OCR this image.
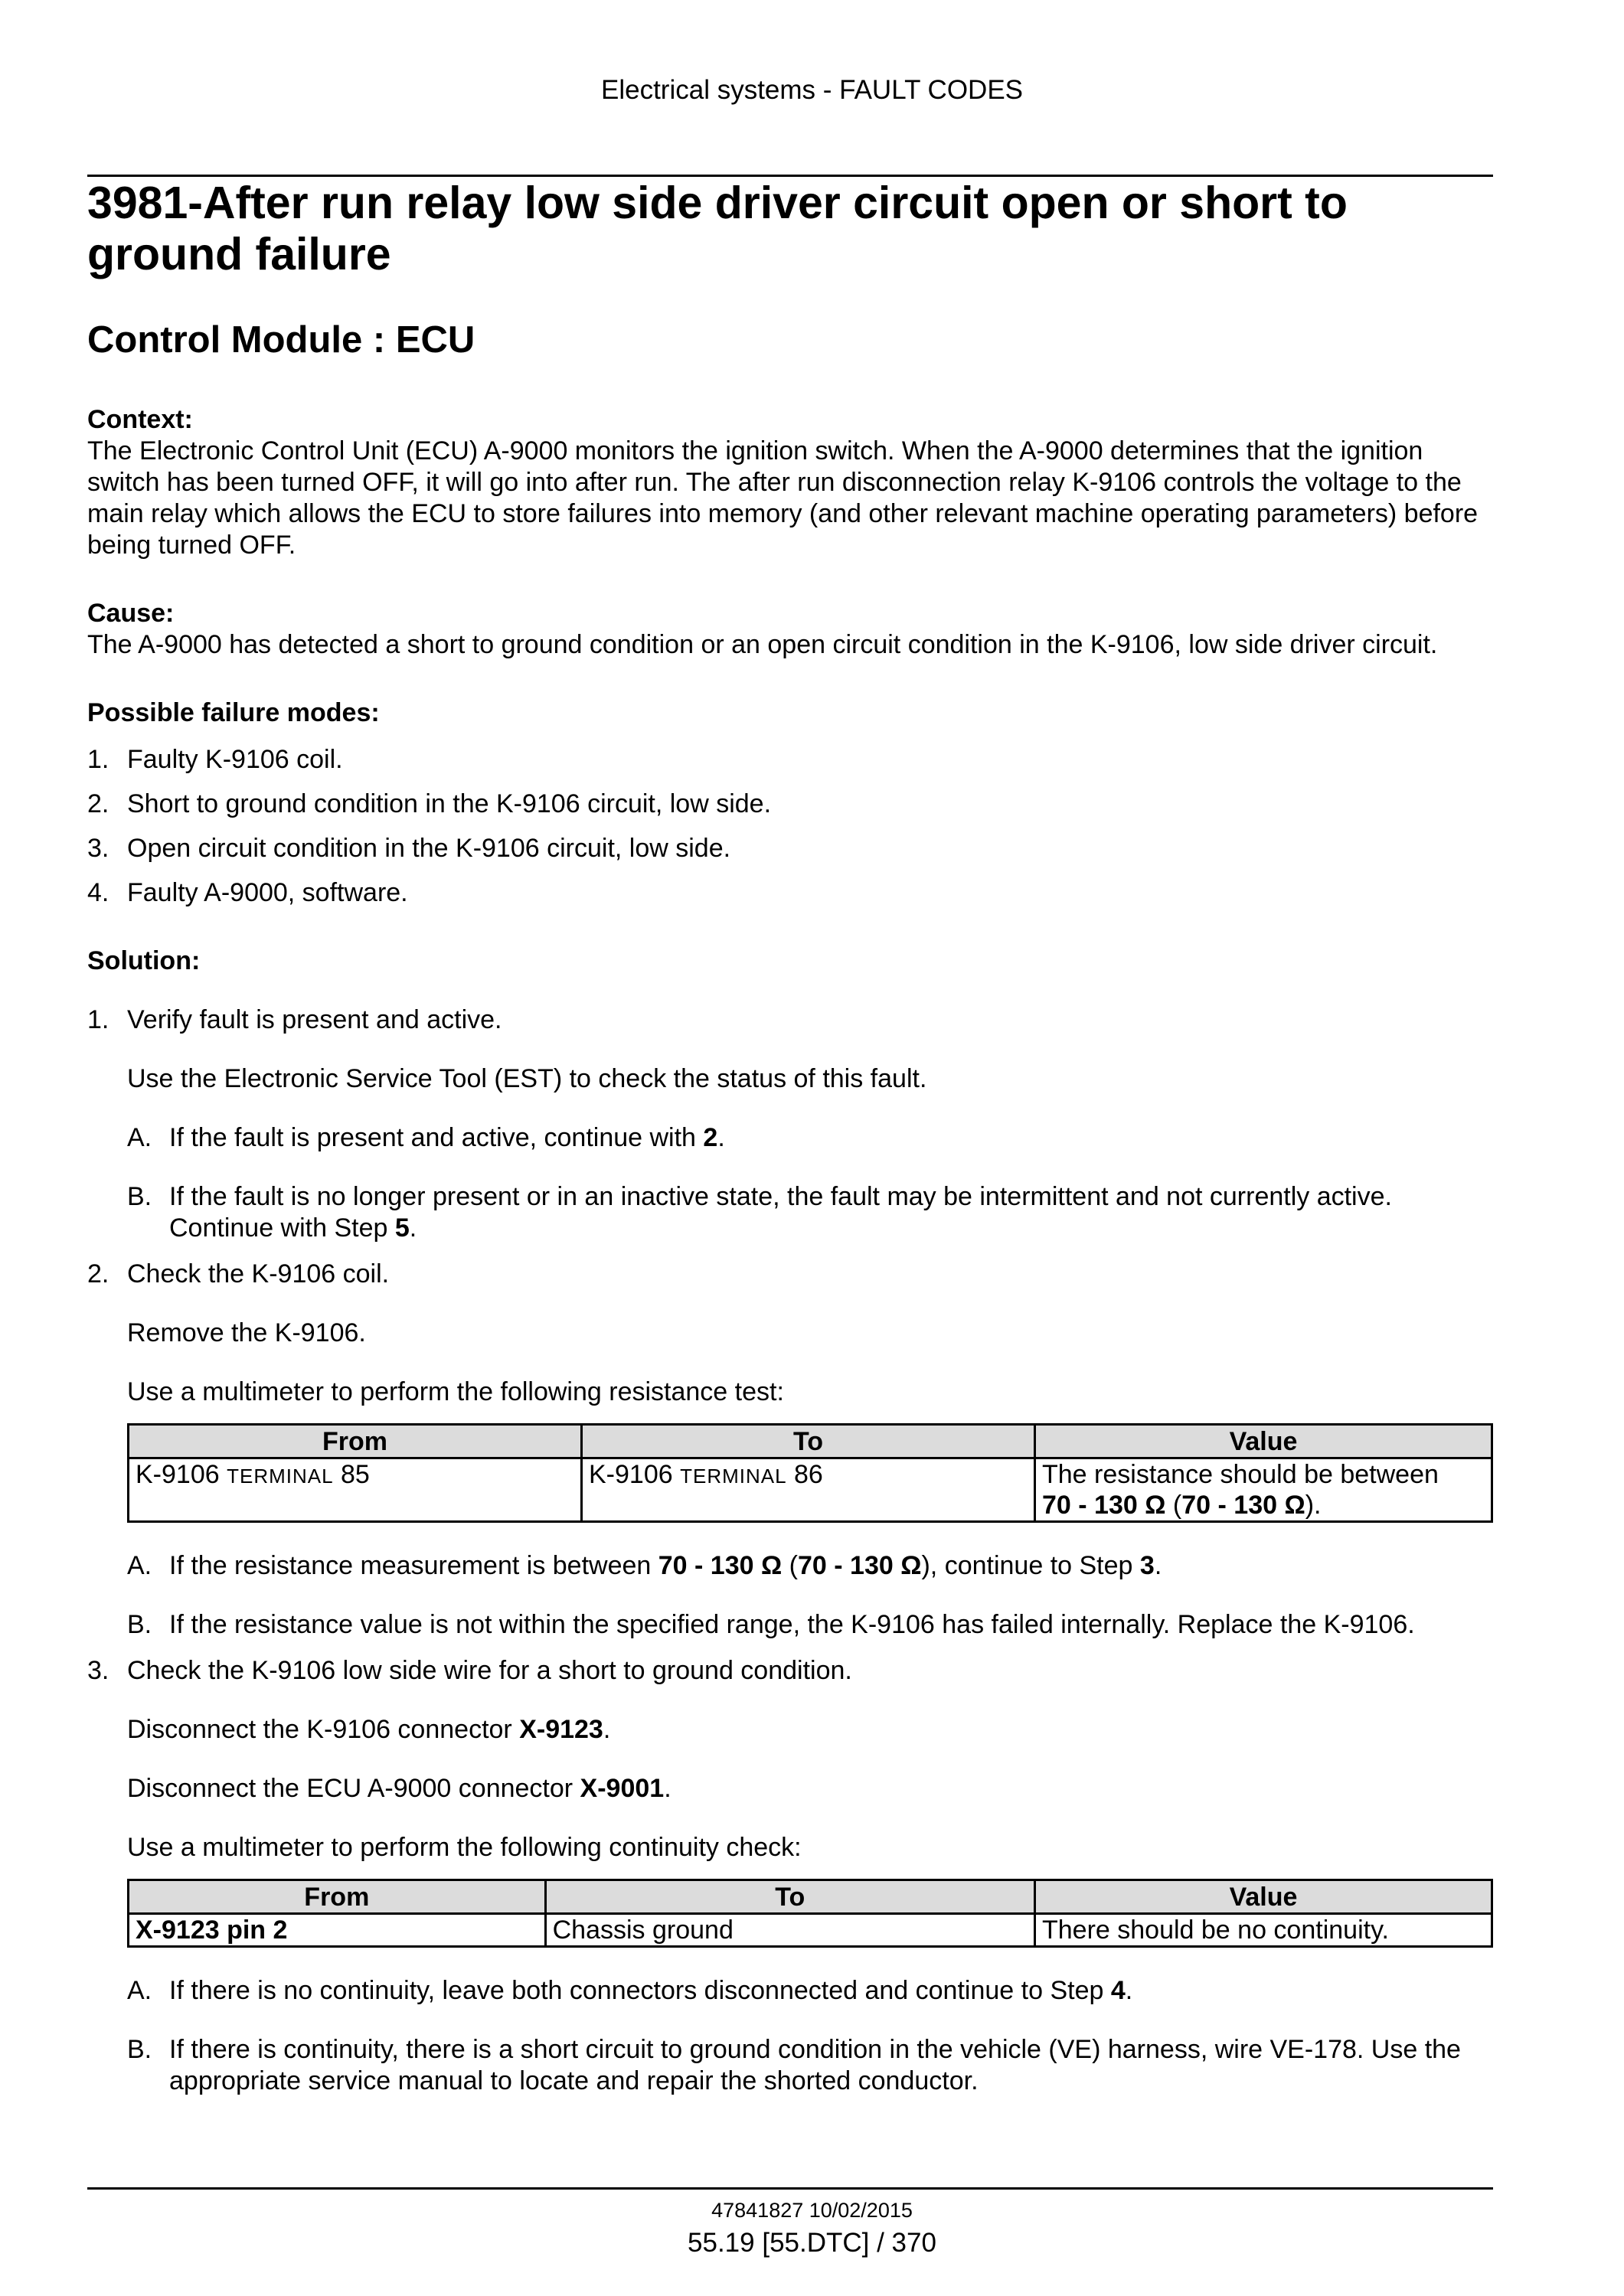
Electrical systems - FAULT CODES
3981-After run relay low side driver circuit open or short to ground failure
Control Module : ECU

Context:

The Electronic Control Unit (ECU) A-9000 monitors the ignition switch. When the A-9000 determines that the ignition switch has been turned OFF, it will go into after run. The after run disconnection relay K-9106 controls the voltage to the main relay which allows the ECU to store failures into memory (and other relevant machine operating parameters) before being turned OFF.

Cause:

The A-9000 has detected a short to ground condition or an open circuit condition in the K-9106, low side driver circuit.

Possible failure modes:

1. Faulty K-9106 coil.
2. Short to ground condition in the K-9106 circuit, low side.
3. Open circuit condition in the K-9106 circuit, low side.
4. Faulty A-9000, software.

Solution:

1. Verify fault is present and active.

Use the Electronic Service Tool (EST) to check the status of this fault.

A. If the fault is present and active, continue with 2.
B. If the fault is no longer present or in an inactive state, the fault may be intermittent and not currently active. Continue with Step 5.
2. Check the K-9106 coil.

Remove the K-9106.

Use a multimeter to perform the following resistance test:

From	To	Value
K-9106 TERMINAL 85	K-9106 TERMINAL 86	The resistance should be between
70 - 130 Ω (70 - 130 Ω).
A. If the resistance measurement is between 70 - 130 Ω (70 - 130 Ω), continue to Step 3.
B. If the resistance value is not within the specified range, the K-9106 has failed internally. Replace the K-9106.
3. Check the K-9106 low side wire for a short to ground condition.

Disconnect the K-9106 connector X-9123.

Disconnect the ECU A-9000 connector X-9001.

Use a multimeter to perform the following continuity check:

From	To	Value
X-9123 pin 2	Chassis ground	There should be no continuity.
A. If there is no continuity, leave both connectors disconnected and continue to Step 4.
B. If there is continuity, there is a short circuit to ground condition in the vehicle (VE) harness, wire VE-178. Use the appropriate service manual to locate and repair the shorted conductor.
47841827 10/02/2015
55.19 [55.DTC] / 370
